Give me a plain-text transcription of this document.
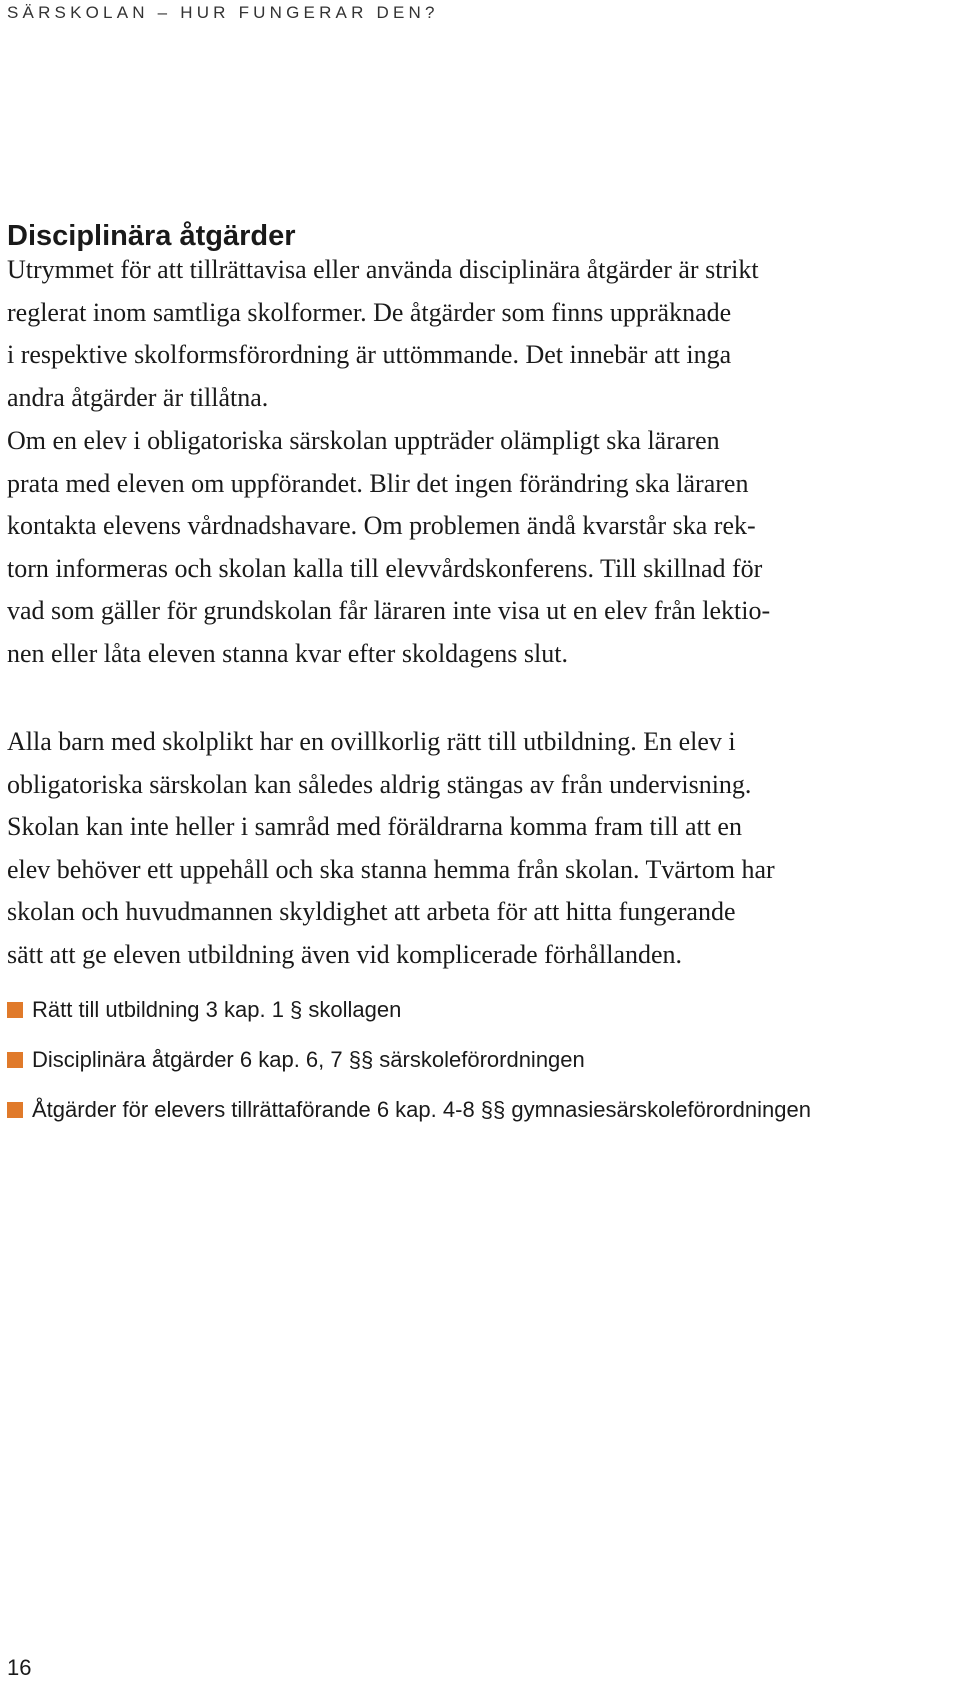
SÄRSKOLAN – HUR FUNGERAR DEN?
Disciplinära åtgärder

Utrymmet för att tillrättavisa eller använda disciplinära åtgärder är strikt
reglerat inom samtliga skolformer. De åtgärder som finns uppräknade
i respektive skolformsförordning är uttömmande. Det innebär att inga
andra åtgärder är tillåtna.

Om en elev i obligatoriska särskolan uppträder olämpligt ska läraren
prata med eleven om uppförandet. Blir det ingen förändring ska läraren
kontakta elevens vårdnadshavare. Om problemen ändå kvarstår ska rek-
torn informeras och skolan kalla till elevvårdskonferens. Till skillnad för
vad som gäller för grundskolan får läraren inte visa ut en elev från lektio-
nen eller låta eleven stanna kvar efter skoldagens slut.

Alla barn med skolplikt har en ovillkorlig rätt till utbildning. En elev i
obligatoriska särskolan kan således aldrig stängas av från undervisning.
Skolan kan inte heller i samråd med föräldrarna komma fram till att en
elev behöver ett uppehåll och ska stanna hemma från skolan. Tvärtom har
skolan och huvudmannen skyldighet att arbeta för att hitta fungerande
sätt att ge eleven utbildning även vid komplicerade förhållanden.

Rätt till utbildning 3 kap. 1 § skollagen
Disciplinära åtgärder 6 kap. 6, 7 §§ särskoleförordningen
Åtgärder för elevers tillrättaförande 6 kap. 4-8 §§ gymnasiesärskoleförordningen
16
